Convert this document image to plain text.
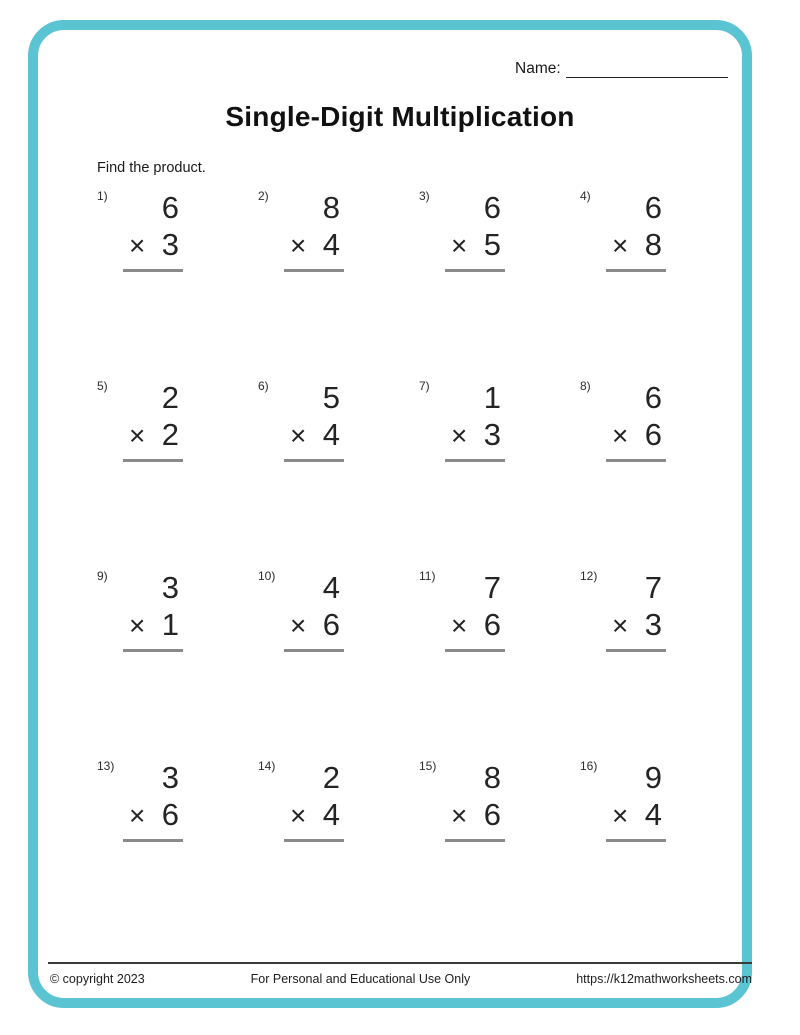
Name:
Single-Digit Multiplication
Find the product.
1)	6
× 3
2)	8
× 4
3)	6
× 5
4)	6
× 8
5)	2
× 2
6)	5
× 4
7)	1
× 3
8)	6
× 6
9)	3
× 1
10)	4
× 6
11)	7
× 6
12)	7
× 3
13)	3
× 6
14)	2
× 4
15)	8
× 6
16)	9
× 4
© copyright 2023	For Personal and Educational Use Only	https://k12mathworksheets.com
